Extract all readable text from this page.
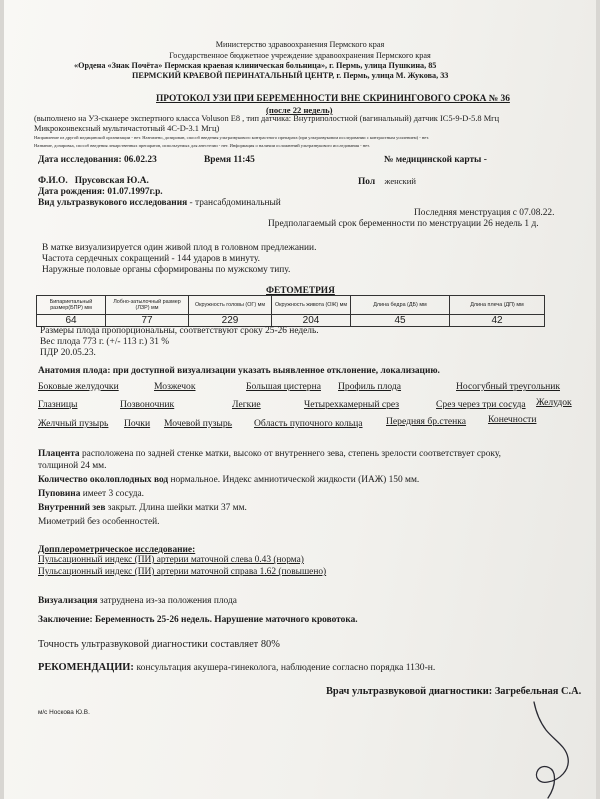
Министерство здравоохранения Пермского края
Государственное бюджетное учреждение здравоохранения Пермского края
«Ордена «Знак Почёта» Пермская краевая клиническая больница», г. Пермь, улица Пушкина, 85
ПЕРМСКИЙ КРАЕВОЙ ПЕРИНАТАЛЬНЫЙ ЦЕНТР, г. Пермь, улица М. Жукова, 33
ПРОТОКОЛ УЗИ ПРИ БЕРЕМЕННОСТИ ВНЕ СКРИНИНГОВОГО СРОКА № 36
(после 22 недель)
(выполнено на УЗ-сканере экспертного класса Voluson E8 , тип датчика: Внутриполостной (вагинальный) датчик IC5-9-D-5.8 Mгц
Микроконвексный мультичастотный 4C-D-3.1 Mгц)
Направление из другой медицинской организации - нет. Назначено, дозирован, способ введения ультразвукового контрастного препарата (при ультразвуковом исследовании с контрастным усилением) - нет.
Название, дозировка, способ введения лекарственных препаратов, используемых для анестезии - нет. Информация о наличии осложнений ультразвукового исследования - нет.
Дата исследования: 06.02.23	Время 11:45	№ медицинской карты -
Ф.И.О. Прусовская Ю.А.	Пол женский
Дата рождения: 01.07.1997г.р.
Вид ультразвукового исследования - трансабдоминальный
Последняя менструация с 07.08.22.
Предполагаемый срок беременности по менструации 26 недель 1 д.
В матке визуализируется один живой плод в головном предлежании.
Частота сердечных сокращений - 144 ударов в минуту.
Наружные половые органы сформированы по мужскому типу.
ФЕТОМЕТРИЯ
Бипариетальный размер(БПР) мм	Лобно-затылочный размер (ЛЗР) мм	Окружность головы (ОГ) мм	Окружность живота (ОЖ) мм	Длина бедра (ДБ) мм	Длина плеча (ДП) мм
64	77	229	204	45	42
Размеры плода пропорциональны, соответствуют сроку 25-26 недель.
Вес плода 773 г. (+/- 113 г.) 31 %
ПДР 20.05.23.
Анатомия плода: при доступной визуализации указать выявленное отклонение, локализацию.
Боковые желудочки	Мозжечок	Большая цистерна Профиль плода	Носогубный треугольник
Глазницы	Позвоночник	Легкие	Четырехкамерный срез	Срез через три сосуда Желудок
Желчный пузырь Почки Мочевой пузырь Область пупочного кольца Передняя бр.стенка Конечности
Плацента расположена по задней стенке матки, высоко от внутреннего зева, степень зрелости соответствует сроку,
толщиной 24 мм.
Количество околоплодных вод нормальное. Индекс амниотической жидкости (ИАЖ) 150 мм.
Пуповина имеет 3 сосуда.
Внутренний зев закрыт. Длина шейки матки 37 мм.
Миометрий без особенностей.
Допплерометрическое исследование:
Пульсационный индекс (ПИ) артерии маточной слева 0.43 (норма)
Пульсационный индекс (ПИ) артерии маточной справа 1.62 (повышено)
Визуализация затруднена из-за положения плода
Заключение: Беременность 25-26 недель. Нарушение маточного кровотока.
Точность ультразвуковой диагностики составляет 80%
РЕКОМЕНДАЦИИ: консультация акушера-гинеколога, наблюдение согласно порядка 1130-н.
Врач ультразвуковой диагностики: Загребельная С.А.
м/с Носкова Ю.В.
